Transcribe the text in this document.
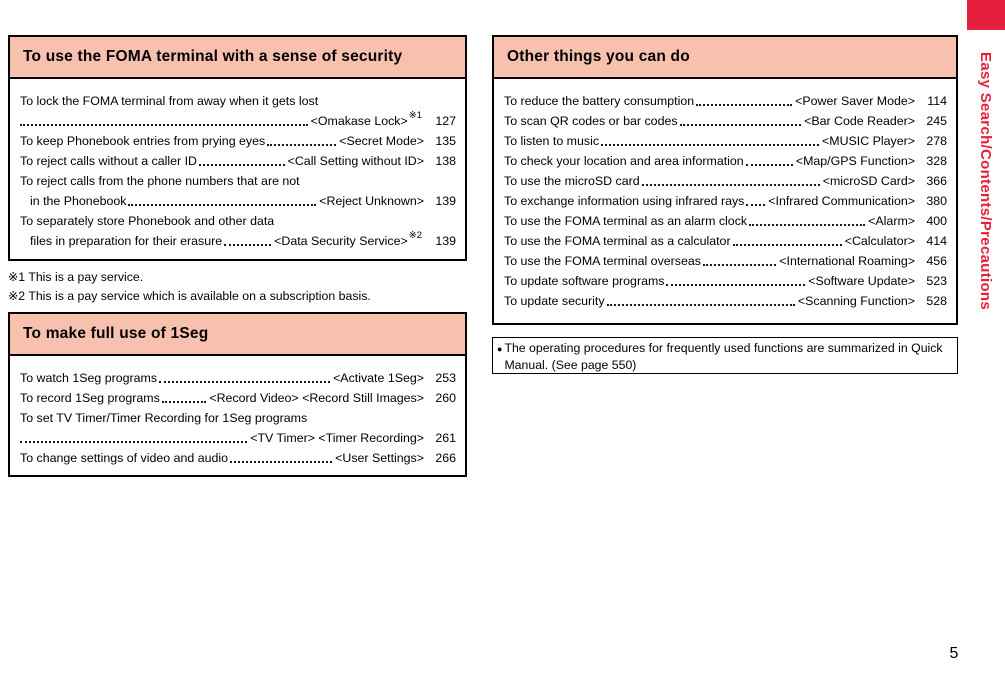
To use the FOMA terminal with a sense of security
To lock the FOMA terminal from away when it gets lost
<Omakase Lock>$^{※1}$	127
To keep Phonebook entries from prying eyes	<Secret Mode> 135
To reject calls without a caller ID	<Call Setting without ID> 138
To reject calls from the phone numbers that are not
in the Phonebook	<Reject Unknown> 139
To separately store Phonebook and other data
files in preparation for their erasure	<Data Security Service>$^{※2}$	139
※1 This is a pay service.
※2 This is a pay service which is available on a subscription basis.
To make full use of 1Seg
To watch 1Seg programs	<Activate 1Seg> 253
To record 1Seg programs	<Record Video> <Record Still Images> 260
To set TV Timer/Timer Recording for 1Seg programs
<TV Timer> <Timer Recording> 261
To change settings of video and audio	<User Settings> 266
Other things you can do
To reduce the battery consumption	<Power Saver Mode> 114
To scan QR codes or bar codes	<Bar Code Reader> 245
To listen to music	<MUSIC Player> 278
To check your location and area information	<Map/GPS Function> 328
To use the microSD card	<microSD Card> 366
To exchange information using infrared rays <Infrared Communication> 380
To use the FOMA terminal as an alarm clock	<Alarm> 400
To use the FOMA terminal as a calculator	<Calculator> 414
To use the FOMA terminal overseas	<International Roaming> 456
To update software programs	<Software Update> 523
To update security	<Scanning Function> 528
● The operating procedures for frequently used functions are summarized in Quick Manual. (See page 550)
Easy Search/Contents/Precautions
5
